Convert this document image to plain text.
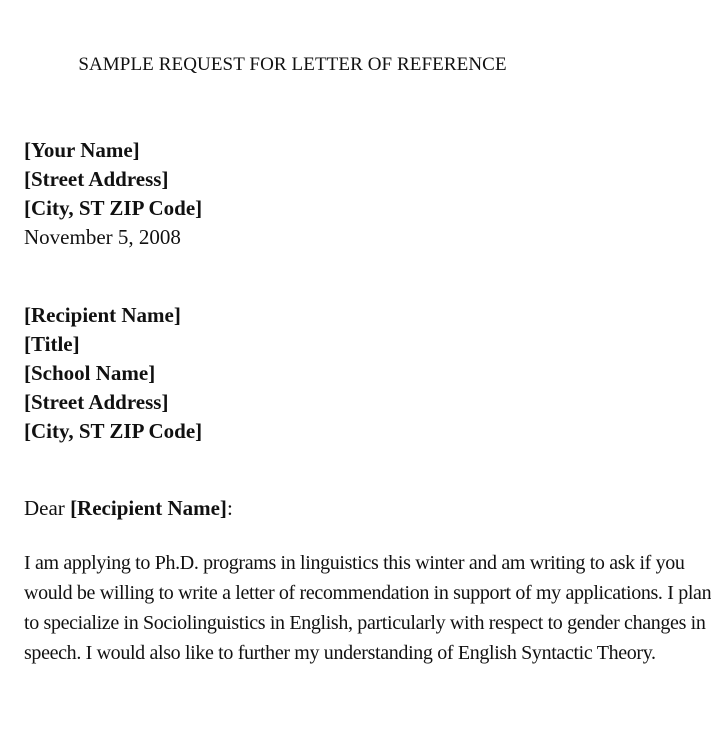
SAMPLE REQUEST FOR LETTER OF REFERENCE
[Your Name]
[Street Address]
[City, ST ZIP Code]
November 5, 2008
[Recipient Name]
[Title]
[School Name]
[Street Address]
[City, ST ZIP Code]
Dear [Recipient Name]:
I am applying to Ph.D. programs in linguistics this winter and am writing to ask if you
would be willing to write a letter of recommendation in support of my applications. I plan
to specialize in Sociolinguistics in English, particularly with respect to gender changes in
speech. I would also like to further my understanding of English Syntactic Theory.
